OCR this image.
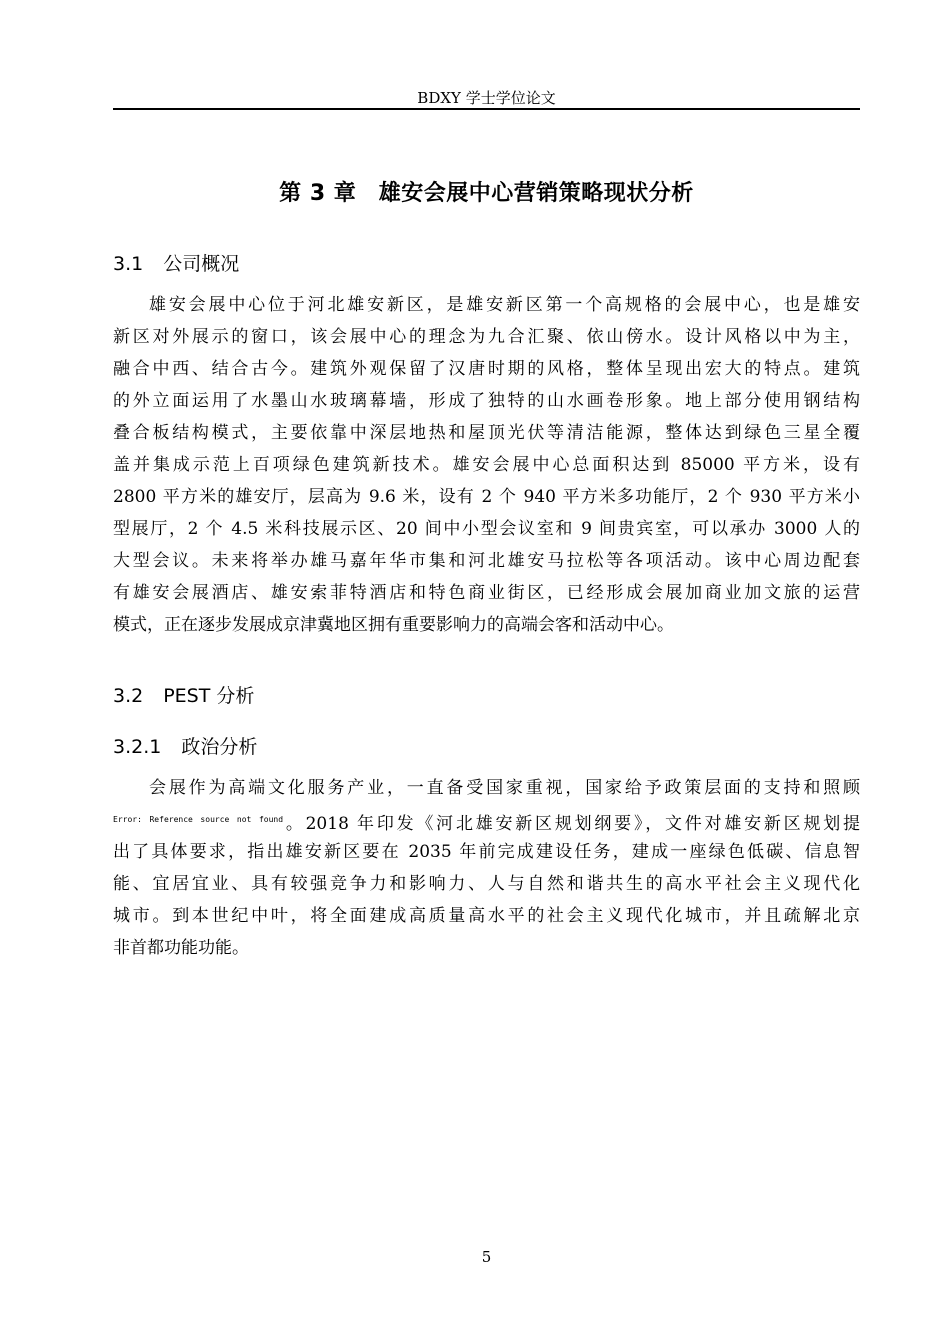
BDXY 学士学位论文
第 3 章　雄安会展中心营销策略现状分析
3.1 公司概况
雄安会展中心位于河北雄安新区，是雄安新区第一个高规格的会展中心，也是雄安
新区对外展示的窗口，该会展中心的理念为九合汇聚、依山傍水。设计风格以中为主，
融合中西、结合古今。建筑外观保留了汉唐时期的风格，整体呈现出宏大的特点。建筑
的外立面运用了水墨山水玻璃幕墙，形成了独特的山水画卷形象。地上部分使用钢结构
叠合板结构模式，主要依靠中深层地热和屋顶光伏等清洁能源，整体达到绿色三星全覆
盖并集成示范上百项绿色建筑新技术。雄安会展中心总面积达到 85000 平方米，设有
2800 平方米的雄安厅，层高为 9.6 米，设有 2 个 940 平方米多功能厅，2 个 930 平方米小
型展厅，2 个 4.5 米科技展示区、20 间中小型会议室和 9 间贵宾室，可以承办 3000 人的
大型会议。未来将举办雄马嘉年华市集和河北雄安马拉松等各项活动。该中心周边配套
有雄安会展酒店、雄安索菲特酒店和特色商业街区，已经形成会展加商业加文旅的运营
模式，正在逐步发展成京津冀地区拥有重要影响力的高端会客和活动中心。
3.2 PEST 分析
3.2.1 政治分析
会展作为高端文化服务产业，一直备受国家重视，国家给予政策层面的支持和照顾
$^{Error: Reference source not found}$。2018 年印发《河北雄安新区规划纲要》，文件对雄安新区规划提
出了具体要求，指出雄安新区要在 2035 年前完成建设任务，建成一座绿色低碳、信息智
能、宜居宜业、具有较强竞争力和影响力、人与自然和谐共生的高水平社会主义现代化
城市。到本世纪中叶，将全面建成高质量高水平的社会主义现代化城市，并且疏解北京
非首都功能功能。
5
